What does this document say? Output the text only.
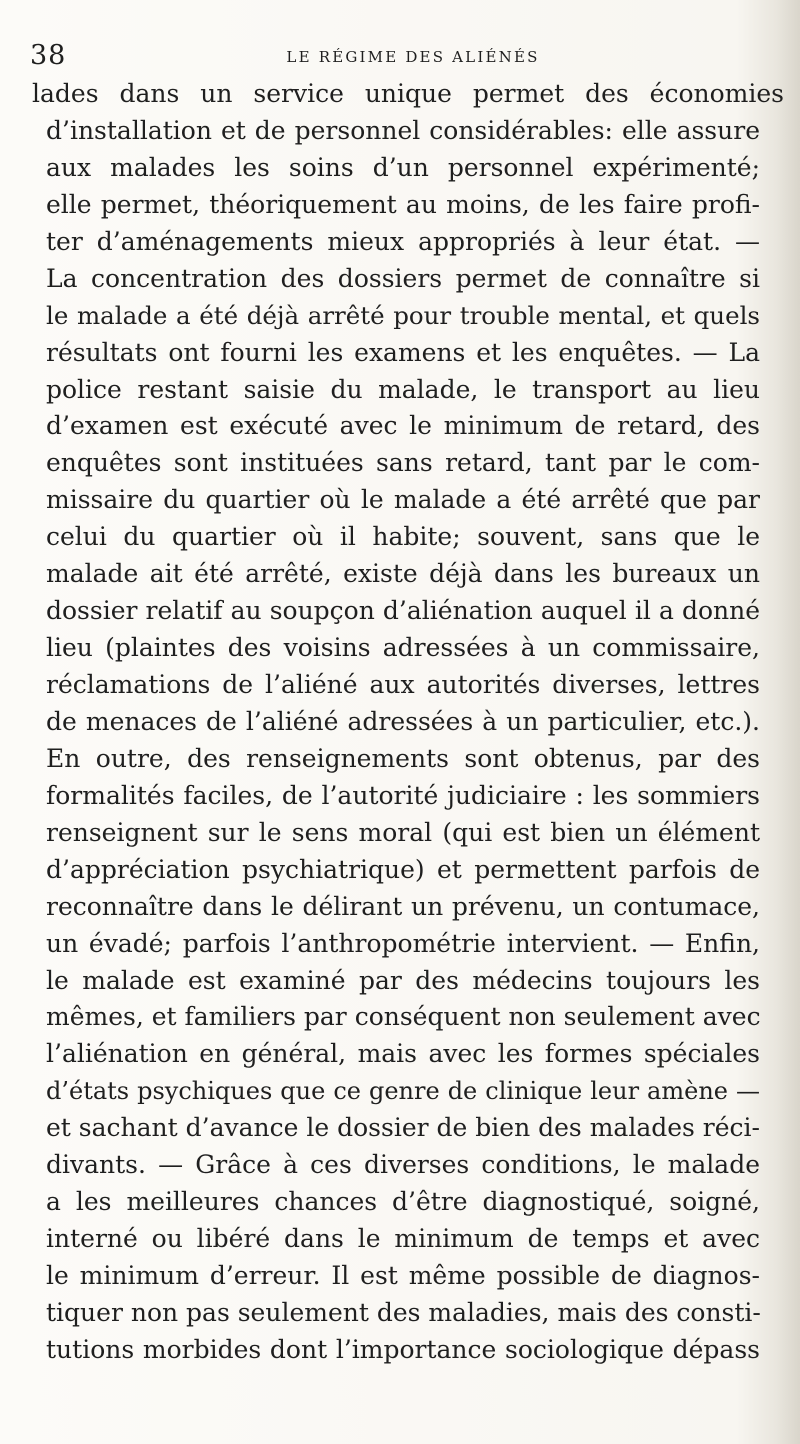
38	LE RÉGIME DES ALIÉNÉS
lades dans un service unique permet des économies
d’installation et de personnel considérables: elle assure
aux malades les soins d’un personnel expérimenté;
elle permet, théoriquement au moins, de les faire profi-
ter d’aménagements mieux appropriés à leur état. —
La concentration des dossiers permet de connaître si
le malade a été déjà arrêté pour trouble mental, et quels
résultats ont fourni les examens et les enquêtes. — La
police restant saisie du malade, le transport au lieu
d’examen est exécuté avec le minimum de retard, des
enquêtes sont instituées sans retard, tant par le com-
missaire du quartier où le malade a été arrêté que par
celui du quartier où il habite; souvent, sans que le
malade ait été arrêté, existe déjà dans les bureaux un
dossier relatif au soupçon d’aliénation auquel il a donné
lieu (plaintes des voisins adressées à un commissaire,
réclamations de l’aliéné aux autorités diverses, lettres
de menaces de l’aliéné adressées à un particulier, etc.).
En outre, des renseignements sont obtenus, par des
formalités faciles, de l’autorité judiciaire : les sommiers
renseignent sur le sens moral (qui est bien un élément
d’appréciation psychiatrique) et permettent parfois de
reconnaître dans le délirant un prévenu, un contumace,
un évadé; parfois l’anthropométrie intervient. — Enfin,
le malade est examiné par des médecins toujours les
mêmes, et familiers par conséquent non seulement avec
l’aliénation en général, mais avec les formes spéciales
d’états psychiques que ce genre de clinique leur amène —
et sachant d’avance le dossier de bien des malades réci-
divants. — Grâce à ces diverses conditions, le malade
a les meilleures chances d’être diagnostiqué, soigné,
interné ou libéré dans le minimum de temps et avec
le minimum d’erreur. Il est même possible de diagnos-
tiquer non pas seulement des maladies, mais des consti-
tutions morbides dont l’importance sociologique dépass
